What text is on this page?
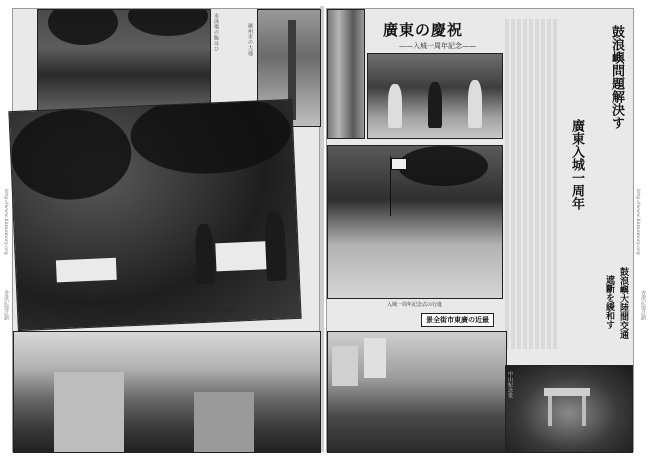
水泳場の賑はひ	廣州市の大通
園遊會の模樣
http://www.hkmemory.org
廣東の慶祝
——入城一周年記念——
入城一周年記念式の行進
鼓浪嶼問題解決す
廣東入城一周年
鼓浪嶼大陸間交通
遮斷を緩和す
景全街市東廣の近最
中山紀念堂
http://www.hkmemory.org
香港記憶計劃	香港記憶計劃
